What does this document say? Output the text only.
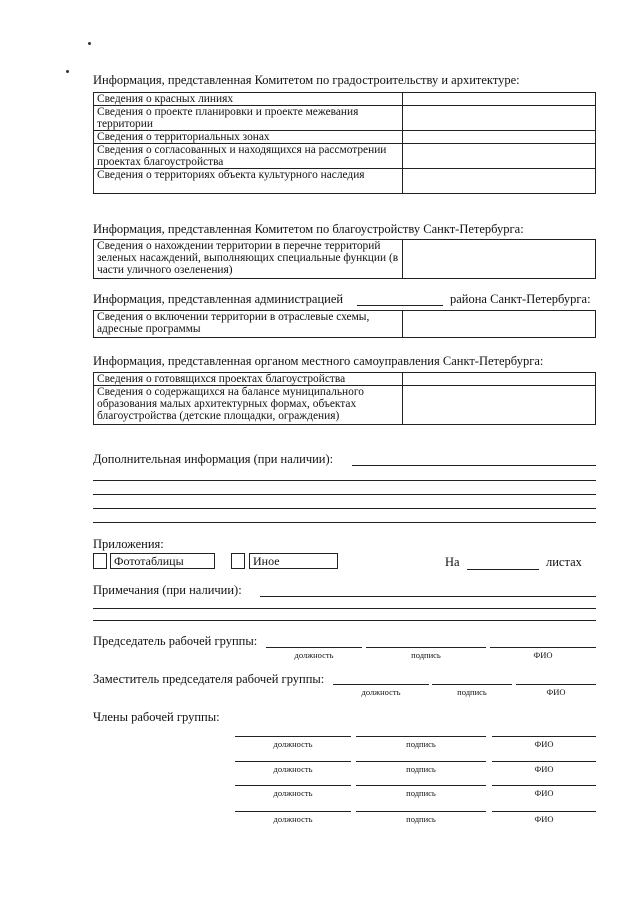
Информация, представленная Комитетом по градостроительству и архитектуре:
Сведения о красных линиях	
Сведения о проекте планировки и проекте межевания территории	
Сведения о территориальных зонах	
Сведения о согласованных и находящихся на рассмотрении проектах благоустройства	
Сведения о территориях объекта культурного наследия	
Информация, представленная Комитетом по благоустройству Санкт-Петербурга:
Сведения о нахождении территории в перечне территорий зеленых насаждений, выполняющих специальные функции (в части уличного озеленения)	
Информация, представленная администрацией	района Санкт-Петербурга:
Сведения о включении территории в отраслевые схемы, адресные программы	
Информация, представленная органом местного самоуправления Санкт-Петербурга:
Сведения о готовящихся проектах благоустройства	
Сведения о содержащихся на балансе муниципального образования малых архитектурных формах, объектах благоустройства (детские площадки, ограждения)	
Дополнительная информация (при наличии):
Приложения:
Фототаблицы	Иное	На	листах
Примечания (при наличии):
Председатель рабочей группы:
должность	подпись	ФИО
Заместитель председателя рабочей группы:
должность	подпись	ФИО
Члены рабочей группы:
должность	подпись	ФИО
должность	подпись	ФИО
должность	подпись	ФИО
должность	подпись	ФИО
